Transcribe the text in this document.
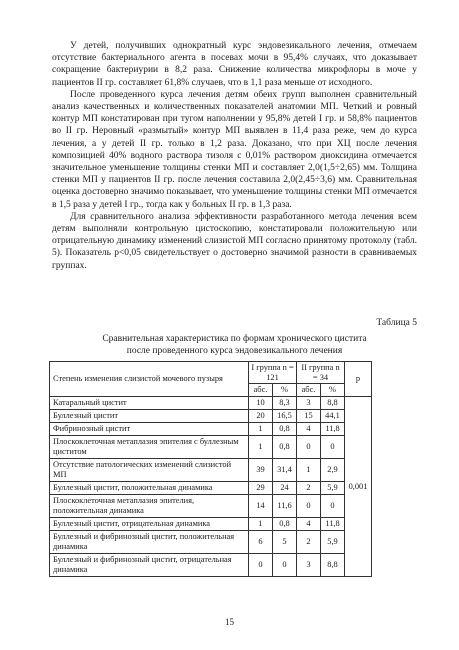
У детей, получивших однократный курс эндовезикального лечения, отмечаем отсутствие бактериального агента в посевах мочи в 95,4% случаях, что доказывает сокращение бактериурии в 8,2 раза. Снижение количества микрофлоры в моче у пациентов II гр. составляет 61,8% случаев, что в 1,1 раза меньше от исходного.

После проведенного курса лечения детям обеих групп выполнен сравнительный анализ качественных и количественных показателей анатомии МП. Четкий и ровный контур МП констатирован при тугом наполнении у 95,8% детей I гр. и 58,8% пациентов во II гр. Неровный «размытый» контур МП выявлен в 11,4 раза реже, чем до курса лечения, а у детей II гр. только в 1,2 раза. Доказано, что при ХЦ после лечения композицией 40% водного раствора тизоля с 0,01% раствором диоксидина отмечается значительное уменьшение толщины стенки МП и составляет 2,0(1,5÷2,65) мм. Толщина стенки МП у пациентов II гр. после лечения составила 2,0(2,45÷3,6) мм. Сравнительная оценка достоверно значимо показывает, что уменьшение толщины стенки МП отмечается в 1,5 раза у детей I гр., тогда как у больных II гр. в 1,3 раза.

Для сравнительного анализа эффективности разработанного метода лечения всем детям выполняли контрольную цистоскопию, констатировали положительную или отрицательную динамику изменений слизистой МП согласно принятому протоколу (табл. 5). Показатель р<0,05 свидетельствует о достоверно значимой разности в сравниваемых группах.

Таблица 5
Сравнительная характеристика по формам хронического цистита
после проведенного курса эндовезикального лечения
Степень изменения слизистой мочевого пузыря	I группа n = 121		II группа n = 34		p
	абс.	%	абс.	%	
Катаральный цистит	10	8,3	3	8,8	0,001
Буллезный цистит	20	16,5	15	44,1	
Фибринозный цистит	1	0,8	4	11,8	
Плоскоклеточная метаплазия эпителия с буллезным циститом	1	0,8	0	0	
Отсутствие патологических изменений слизистой МП	39	31,4	1	2,9	
Буллезный цистит, положительная динамика	29	24	2	5,9	
Плоскоклеточная метаплазия эпителия, положительная динамика	14	11,6	0	0	
Буллезный цистит, отрицательная динамика	1	0,8	4	11,8	
Буллезный и фибринозный цистит, положительная динамика	6	5	2	5,9	
Буллезный и фибринозный цистит, отрицательная динамика	0	0	3	8,8	
15
